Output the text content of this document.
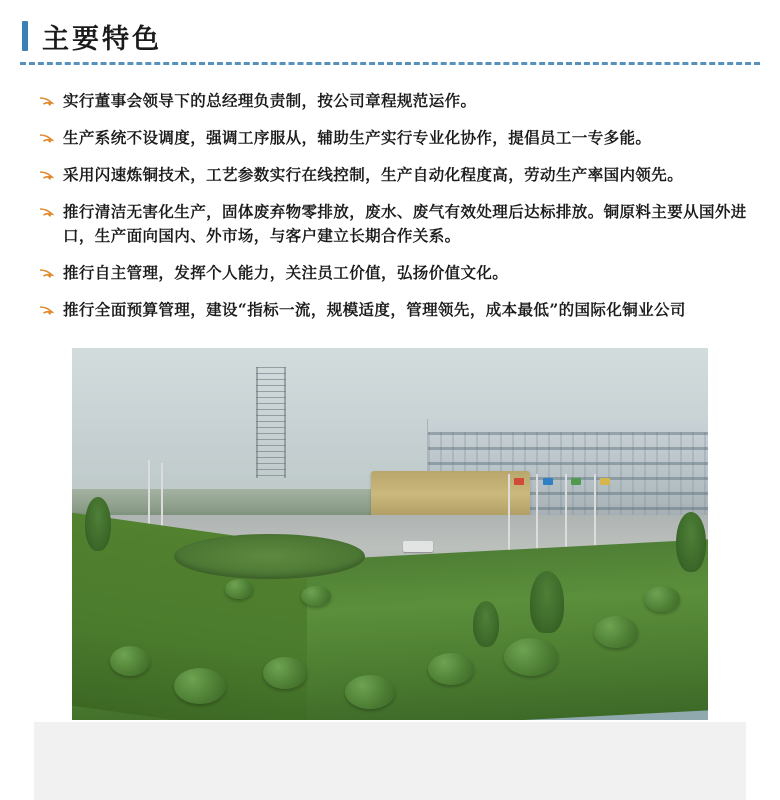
主要特色
实行董事会领导下的总经理负责制，按公司章程规范运作。
生产系统不设调度，强调工序服从，辅助生产实行专业化协作，提倡员工一专多能。
采用闪速炼铜技术，工艺参数实行在线控制，生产自动化程度高，劳动生产率国内领先。
推行清洁无害化生产，固体废弃物零排放，废水、废气有效处理后达标排放。铜原料主要从国外进口，生产面向国内、外市场，与客户建立长期合作关系。
推行自主管理，发挥个人能力，关注员工价值，弘扬价值文化。
推行全面预算管理，建设“指标一流，规模适度，管理领先，成本最低”的国际化铜业公司
